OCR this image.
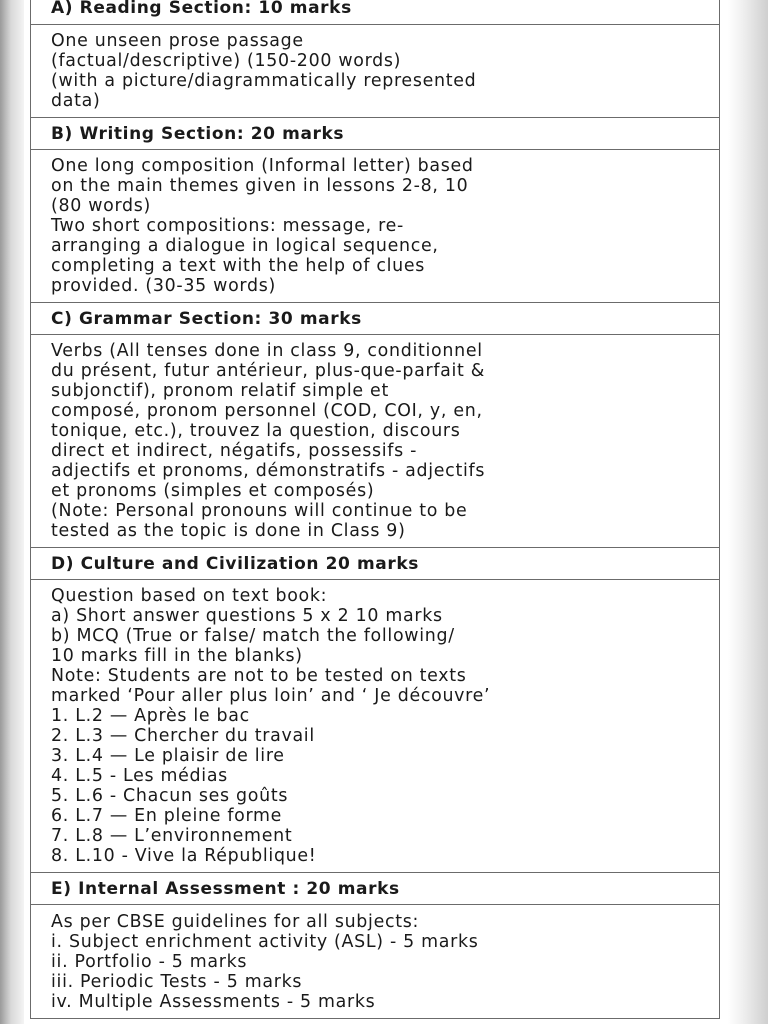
A) Reading Section: 10 marks
One unseen prose passage
(factual/descriptive) (150-200 words)
(with a picture/diagrammatically represented
data)
B) Writing Section: 20 marks
One long composition (Informal letter) based
on the main themes given in lessons 2-8, 10
(80 words)
Two short compositions: message, re-
arranging a dialogue in logical sequence,
completing a text with the help of clues
provided. (30-35 words)
C) Grammar Section: 30 marks
Verbs (All tenses done in class 9, conditionnel
du présent, futur antérieur, plus-que-parfait &
subjonctif), pronom relatif simple et
composé, pronom personnel (COD, COI, y, en,
tonique, etc.), trouvez la question, discours
direct et indirect, négatifs, possessifs -
adjectifs et pronoms, démonstratifs - adjectifs
et pronoms (simples et composés)
(Note: Personal pronouns will continue to be
tested as the topic is done in Class 9)
D) Culture and Civilization 20 marks
Question based on text book:
a) Short answer questions 5 x 2 10 marks
b) MCQ (True or false/ match the following/
10 marks fill in the blanks)
Note: Students are not to be tested on texts
marked ‘Pour aller plus loin’ and ‘ Je découvre’
1. L.2 — Après le bac
2. L.3 — Chercher du travail
3. L.4 — Le plaisir de lire
4. L.5 - Les médias
5. L.6 - Chacun ses goûts
6. L.7 — En pleine forme
7. L.8 — L’environnement
8. L.10 - Vive la République!
E) Internal Assessment : 20 marks
As per CBSE guidelines for all subjects:
i. Subject enrichment activity (ASL) - 5 marks
ii. Portfolio - 5 marks
iii. Periodic Tests - 5 marks
iv. Multiple Assessments - 5 marks
